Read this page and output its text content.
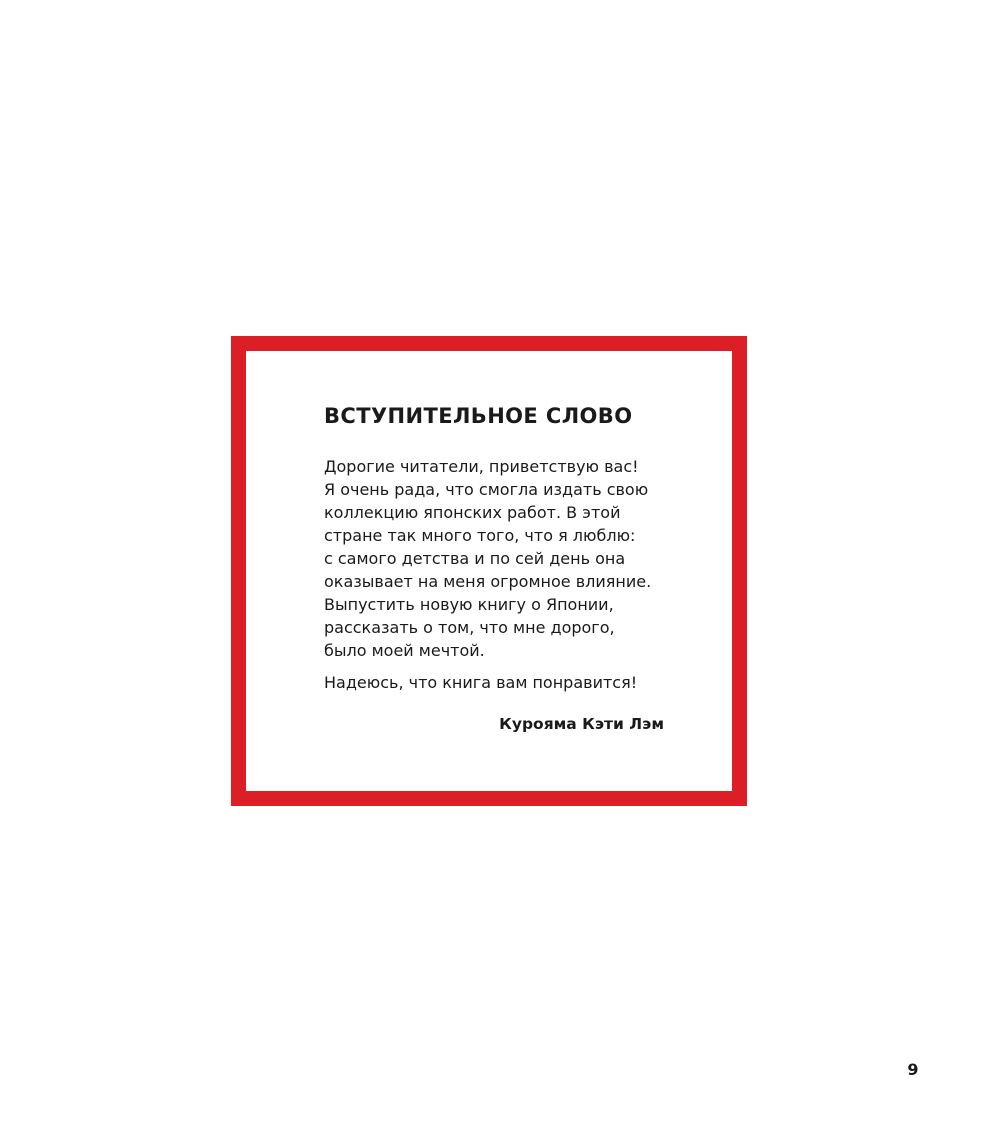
ВСТУПИТЕЛЬНОЕ СЛОВО

Дорогие читатели, приветствую вас!
Я очень рада, что смогла издать свою
коллекцию японских работ. В этой
стране так много того, что я люблю:
с самого детства и по сей день она
оказывает на меня огромное влияние.
Выпустить новую книгу о Японии,
рассказать о том, что мне дорого,
было моей мечтой.

Надеюсь, что книга вам понравится!

Курояма Кэти Лэм

9
